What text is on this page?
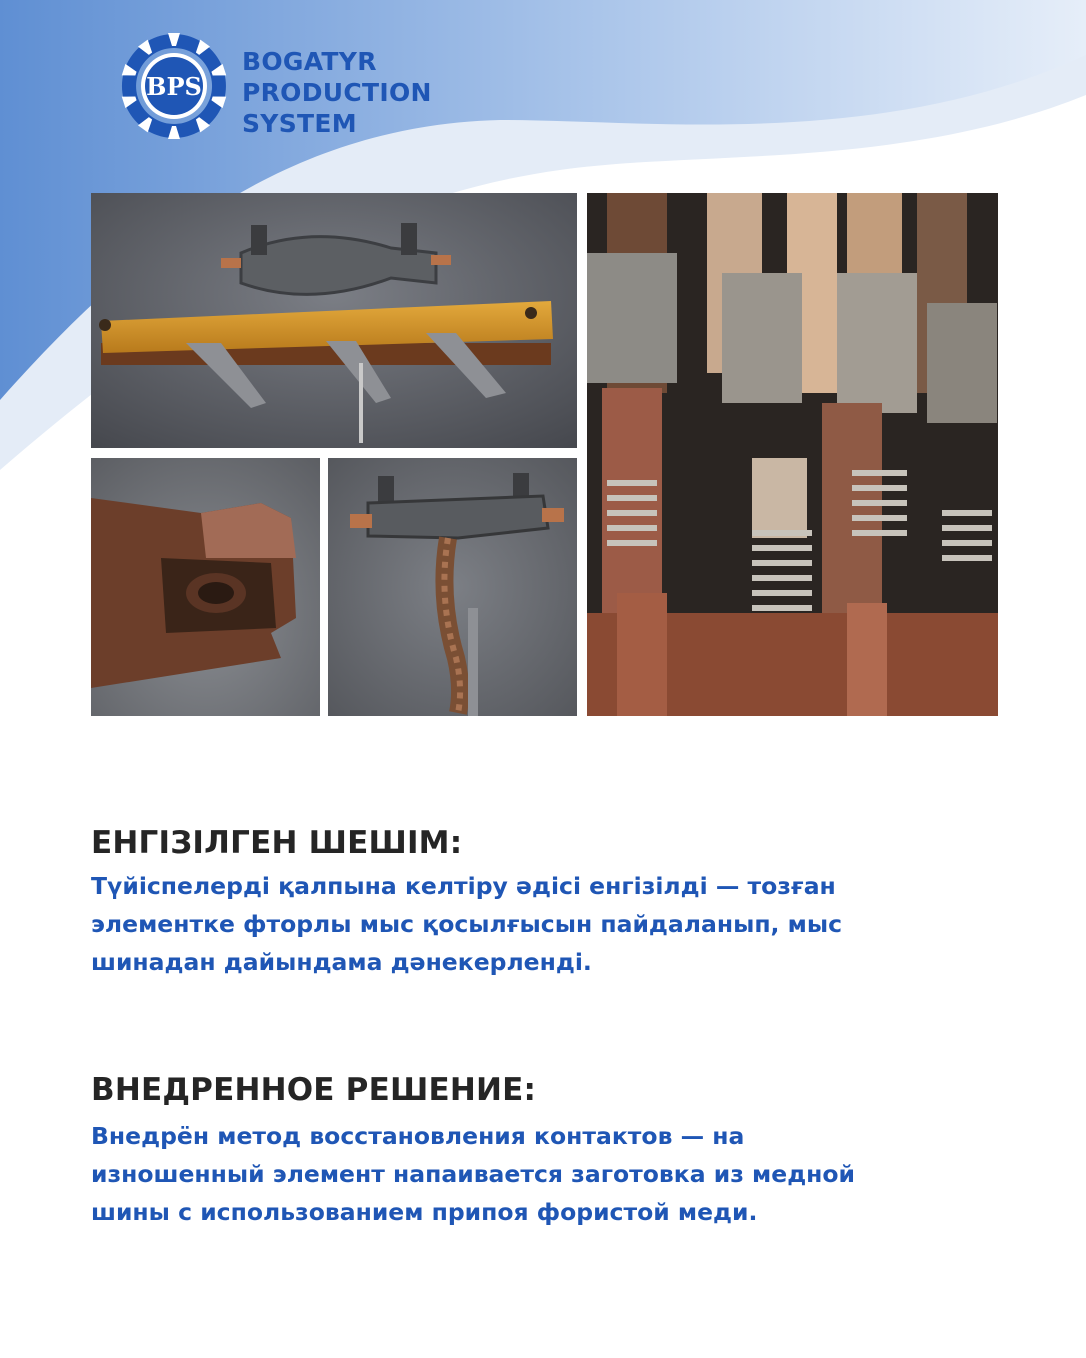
BPS
BOGATYR
PRODUCTION
SYSTEM
ЕНГІЗІЛГЕН ШЕШІМ:
Түйіспелерді қалпына келтіру әдісі енгізілді — тозған
элементке фторлы мыс қосылғысын пайдаланып, мыс
шинадан дайындама дәнекерленді.
ВНЕДРЕННОЕ РЕШЕНИЕ:
Внедрён метод восстановления контактов — на
изношенный элемент напаивается заготовка из медной
шины с использованием припоя фористой меди.
